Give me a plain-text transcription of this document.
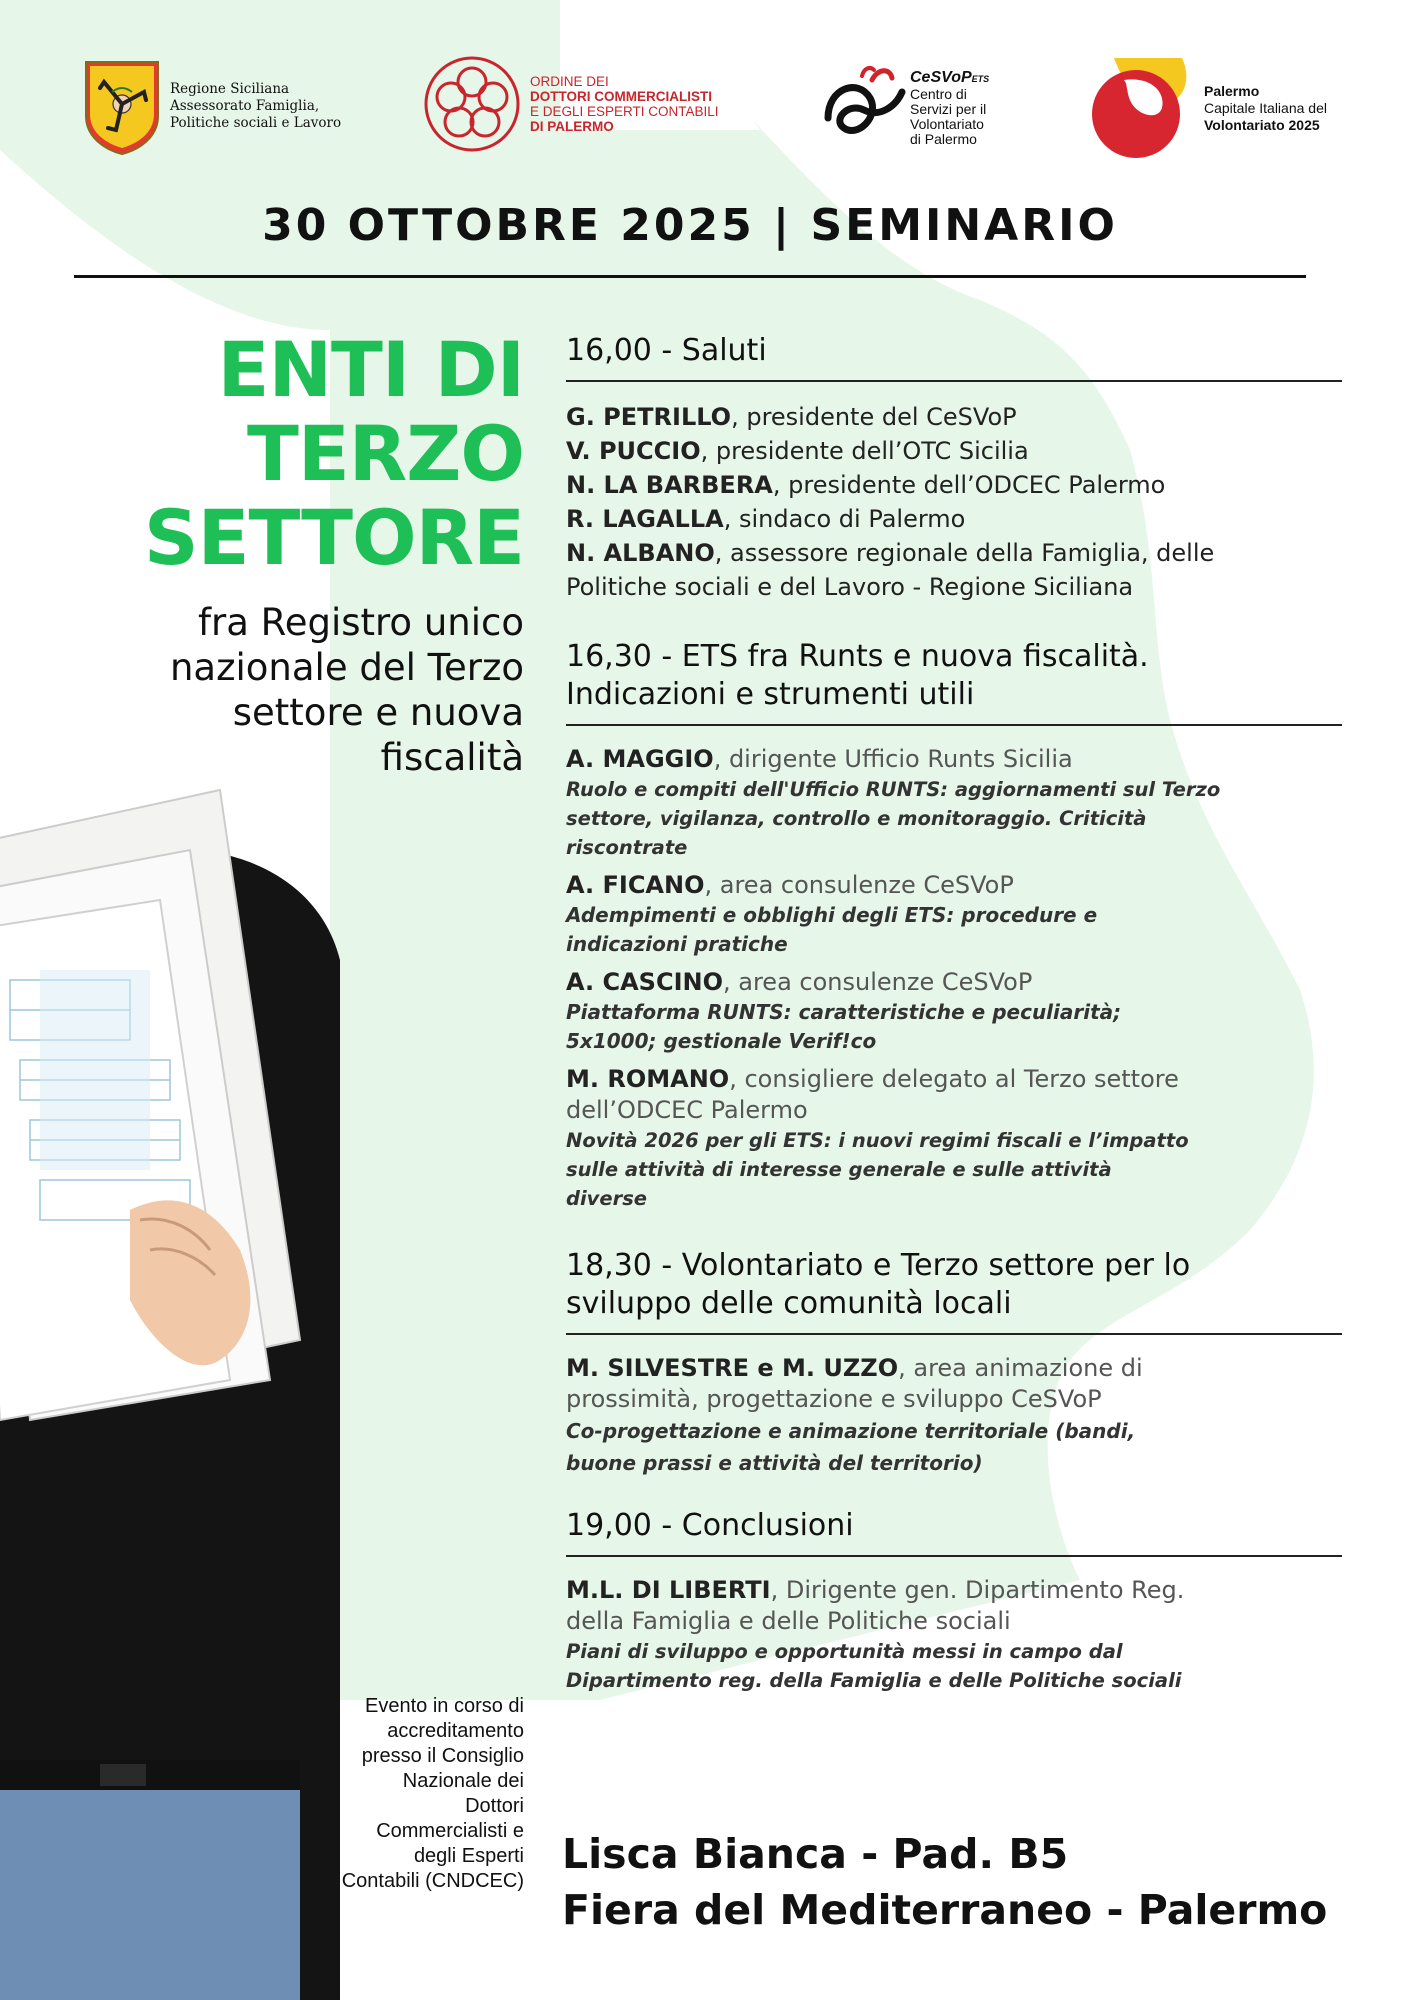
Regione Siciliana
Assessorato Famiglia,
Politiche sociali e Lavoro
ORDINE DEI
DOTTORI COMMERCIALISTI
E DEGLI ESPERTI CONTABILI
DI PALERMO
CeSVoPETS
Centro di
Servizi per il
Volontariato
di Palermo
Palermo
Capitale Italiana del
Volontariato 2025
30 OTTOBRE 2025 | SEMINARIO
ENTI DI
TERZO
SETTORE
fra Registro unico
nazionale del Terzo
settore e nuova
fiscalità
Evento in corso di
accreditamento
presso il Consiglio
Nazionale dei
Dottori
Commercialisti e
degli Esperti
Contabili (CNDCEC)
16,00 - Saluti
G. PETRILLO, presidente del CeSVoP
V. PUCCIO, presidente dell’OTC Sicilia
N. LA BARBERA, presidente dell’ODCEC Palermo
R. LAGALLA, sindaco di Palermo
N. ALBANO, assessore regionale della Famiglia, delle
Politiche sociali e del Lavoro - Regione Siciliana
16,30 - ETS fra Runts e nuova fiscalità.
Indicazioni e strumenti utili
A. MAGGIO, dirigente Ufficio Runts Sicilia
Ruolo e compiti dell'Ufficio RUNTS: aggiornamenti sul Terzo
settore, vigilanza, controllo e monitoraggio. Criticità
riscontrate
A. FICANO, area consulenze CeSVoP
Adempimenti e obblighi degli ETS: procedure e
indicazioni pratiche
A. CASCINO, area consulenze CeSVoP
Piattaforma RUNTS: caratteristiche e peculiarità;
5x1000; gestionale Verif!co
M. ROMANO, consigliere delegato al Terzo settore
dell’ODCEC Palermo
Novità 2026 per gli ETS: i nuovi regimi fiscali e l’impatto
sulle attività di interesse generale e sulle attività
diverse
18,30 - Volontariato e Terzo settore per lo
sviluppo delle comunità locali
M. SILVESTRE e M. UZZO, area animazione di
prossimità, progettazione e sviluppo CeSVoP
Co-progettazione e animazione territoriale (bandi,
buone prassi e attività del territorio)
19,00 - Conclusioni
M.L. DI LIBERTI, Dirigente gen. Dipartimento Reg.
della Famiglia e delle Politiche sociali
Piani di sviluppo e opportunità messi in campo dal
Dipartimento reg. della Famiglia e delle Politiche sociali
Lisca Bianca - Pad. B5
Fiera del Mediterraneo - Palermo
